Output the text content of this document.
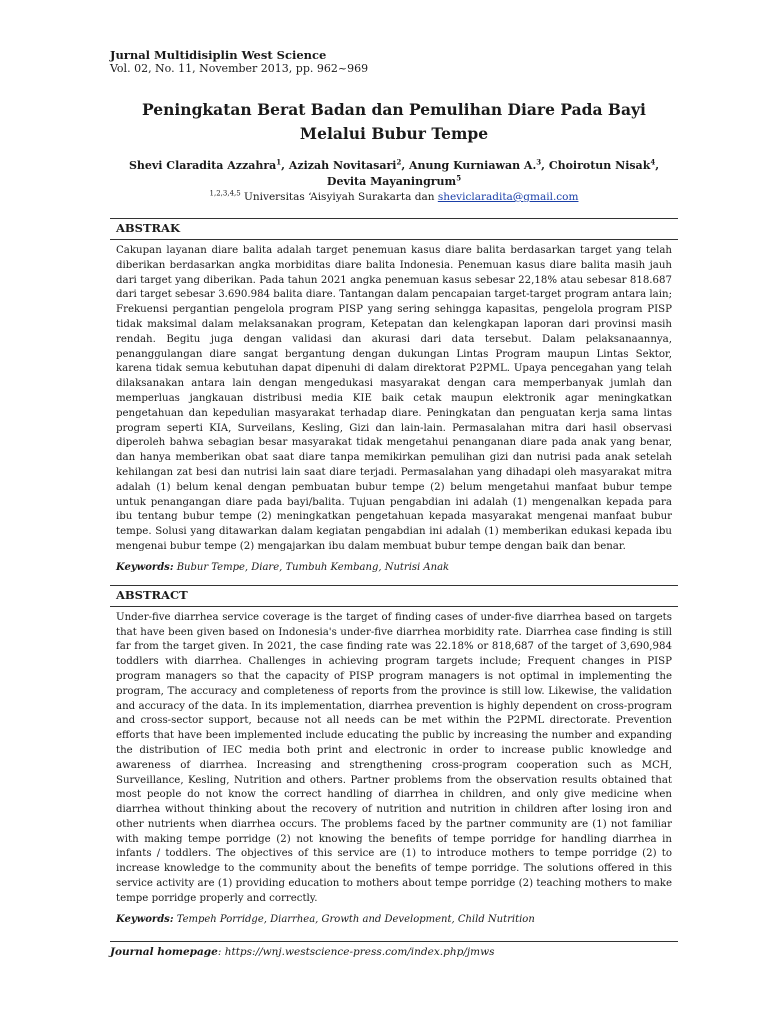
Jurnal Multidisiplin West Science
Vol. 02, No. 11, November 2013, pp. 962~969
Peningkatan Berat Badan dan Pemulihan Diare Pada Bayi Melalui Bubur Tempe
Shevi Claradita Azzahra$^1$, Azizah Novitasari$^2$, Anung Kurniawan A.$^3$, Choirotun Nisak$^4$, Devita Mayaningrum$^5$
$^{1,2,3,4,5}$ Universitas ‘Aisyiyah Surakarta dan sheviclaradita@gmail.com
ABSTRAK
Cakupan layanan diare balita adalah target penemuan kasus diare balita berdasarkan target yang telah diberikan berdasarkan angka morbiditas diare balita Indonesia. Penemuan kasus diare balita masih jauh dari target yang diberikan. Pada tahun 2021 angka penemuan kasus sebesar 22,18% atau sebesar 818.687 dari target sebesar 3.690.984 balita diare. Tantangan dalam pencapaian target-target program antara lain; Frekuensi pergantian pengelola program PISP yang sering sehingga kapasitas, pengelola program PISP tidak maksimal dalam melaksanakan program, Ketepatan dan kelengkapan laporan dari provinsi masih rendah. Begitu juga dengan validasi dan akurasi dari data tersebut. Dalam pelaksanaannya, penanggulangan diare sangat bergantung dengan dukungan Lintas Program maupun Lintas Sektor, karena tidak semua kebutuhan dapat dipenuhi di dalam direktorat P2PML. Upaya pencegahan yang telah dilaksanakan antara lain dengan mengedukasi masyarakat dengan cara memperbanyak jumlah dan memperluas jangkauan distribusi media KIE baik cetak maupun elektronik agar meningkatkan pengetahuan dan kepedulian masyarakat terhadap diare. Peningkatan dan penguatan kerja sama lintas program seperti KIA, Surveilans, Kesling, Gizi dan lain-lain. Permasalahan mitra dari hasil observasi diperoleh bahwa sebagian besar masyarakat tidak mengetahui penanganan diare pada anak yang benar, dan hanya memberikan obat saat diare tanpa memikirkan pemulihan gizi dan nutrisi pada anak setelah kehilangan zat besi dan nutrisi lain saat diare terjadi. Permasalahan yang dihadapi oleh masyarakat mitra adalah (1) belum kenal dengan pembuatan bubur tempe (2) belum mengetahui manfaat bubur tempe untuk penangangan diare pada bayi/balita. Tujuan pengabdian ini adalah (1) mengenalkan kepada para ibu tentang bubur tempe (2) meningkatkan pengetahuan kepada masyarakat mengenai manfaat bubur tempe. Solusi yang ditawarkan dalam kegiatan pengabdian ini adalah (1) memberikan edukasi kepada ibu mengenai bubur tempe (2) mengajarkan ibu dalam membuat bubur tempe dengan baik dan benar.
Keywords: Bubur Tempe, Diare, Tumbuh Kembang, Nutrisi Anak
ABSTRACT
Under-five diarrhea service coverage is the target of finding cases of under-five diarrhea based on targets that have been given based on Indonesia's under-five diarrhea morbidity rate. Diarrhea case finding is still far from the target given. In 2021, the case finding rate was 22.18% or 818,687 of the target of 3,690,984 toddlers with diarrhea. Challenges in achieving program targets include; Frequent changes in PISP program managers so that the capacity of PISP program managers is not optimal in implementing the program, The accuracy and completeness of reports from the province is still low. Likewise, the validation and accuracy of the data. In its implementation, diarrhea prevention is highly dependent on cross-program and cross-sector support, because not all needs can be met within the P2PML directorate. Prevention efforts that have been implemented include educating the public by increasing the number and expanding the distribution of IEC media both print and electronic in order to increase public knowledge and awareness of diarrhea. Increasing and strengthening cross-program cooperation such as MCH, Surveillance, Kesling, Nutrition and others. Partner problems from the observation results obtained that most people do not know the correct handling of diarrhea in children, and only give medicine when diarrhea without thinking about the recovery of nutrition and nutrition in children after losing iron and other nutrients when diarrhea occurs. The problems faced by the partner community are (1) not familiar with making tempe porridge (2) not knowing the benefits of tempe porridge for handling diarrhea in infants / toddlers. The objectives of this service are (1) to introduce mothers to tempe porridge (2) to increase knowledge to the community about the benefits of tempe porridge. The solutions offered in this service activity are (1) providing education to mothers about tempe porridge (2) teaching mothers to make tempe porridge properly and correctly.
Keywords: Tempeh Porridge, Diarrhea, Growth and Development, Child Nutrition
Journal homepage: https://wnj.westscience-press.com/index.php/jmws
